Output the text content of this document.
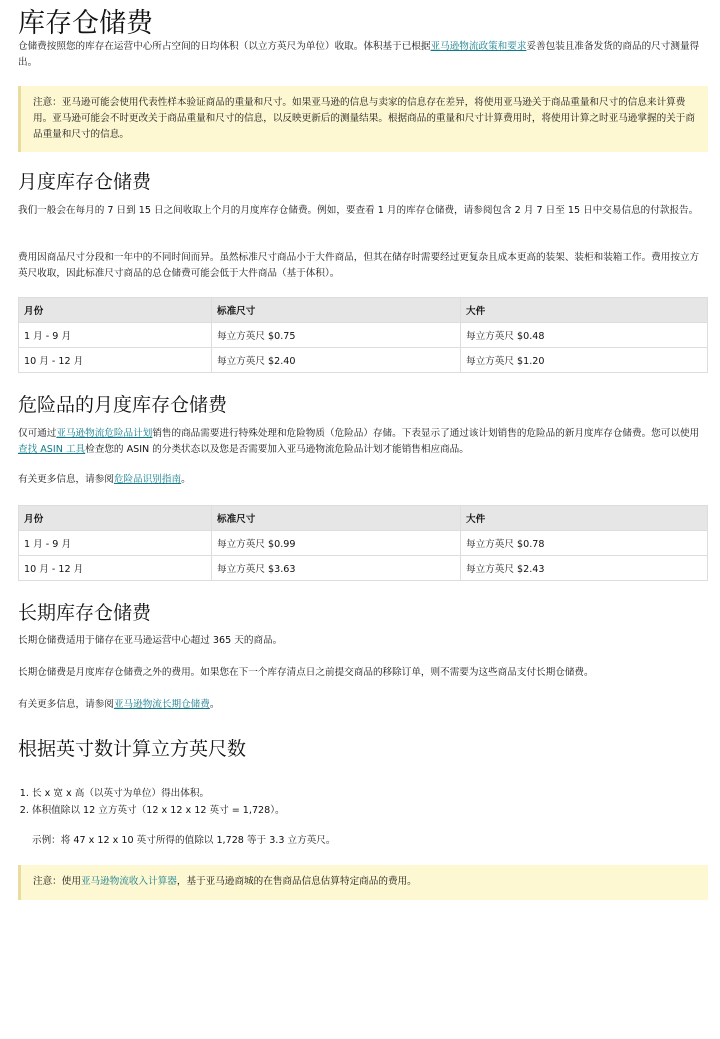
库存仓储费

仓储费按照您的库存在运营中心所占空间的日均体积（以立方英尺为单位）收取。体积基于已根据亚马逊物流政策和要求妥善包装且准备发货的商品的尺寸测量得出。

注意：亚马逊可能会使用代表性样本验证商品的重量和尺寸。如果亚马逊的信息与卖家的信息存在差异，将使用亚马逊关于商品重量和尺寸的信息来计算费用。亚马逊可能会不时更改关于商品重量和尺寸的信息，以反映更新后的测量结果。根据商品的重量和尺寸计算费用时，将使用计算之时亚马逊掌握的关于商品重量和尺寸的信息。
月度库存仓储费

我们一般会在每月的 7 日到 15 日之间收取上个月的月度库存仓储费。例如，要查看 1 月的库存仓储费，请参阅包含 2 月 7 日至 15 日中交易信息的付款报告。

费用因商品尺寸分段和一年中的不同时间而异。虽然标准尺寸商品小于大件商品，但其在储存时需要经过更复杂且成本更高的装架、装柜和装箱工作。费用按立方英尺收取，因此标准尺寸商品的总仓储费可能会低于大件商品（基于体积）。

月份	标准尺寸	大件
1 月 - 9 月	每立方英尺 $0.75	每立方英尺 $0.48
10 月 - 12 月	每立方英尺 $2.40	每立方英尺 $1.20
危险品的月度库存仓储费

仅可通过亚马逊物流危险品计划销售的商品需要进行特殊处理和危险物质（危险品）存储。下表显示了通过该计划销售的危险品的新月度库存仓储费。您可以使用查找 ASIN 工具检查您的 ASIN 的分类状态以及您是否需要加入亚马逊物流危险品计划才能销售相应商品。

有关更多信息，请参阅危险品识别指南。

月份	标准尺寸	大件
1 月 - 9 月	每立方英尺 $0.99	每立方英尺 $0.78
10 月 - 12 月	每立方英尺 $3.63	每立方英尺 $2.43
长期库存仓储费

长期仓储费适用于储存在亚马逊运营中心超过 365 天的商品。

长期仓储费是月度库存仓储费之外的费用。如果您在下一个库存清点日之前提交商品的移除订单，则不需要为这些商品支付长期仓储费。

有关更多信息，请参阅亚马逊物流长期仓储费。

根据英寸数计算立方英尺数
1. 长 x 宽 x 高（以英寸为单位）得出体积。
2. 体积值除以 12 立方英寸（12 x 12 x 12 英寸 = 1,728）。

示例：将 47 x 12 x 10 英寸所得的值除以 1,728 等于 3.3 立方英尺。

注意：使用亚马逊物流收入计算器，基于亚马逊商城的在售商品信息估算特定商品的费用。
